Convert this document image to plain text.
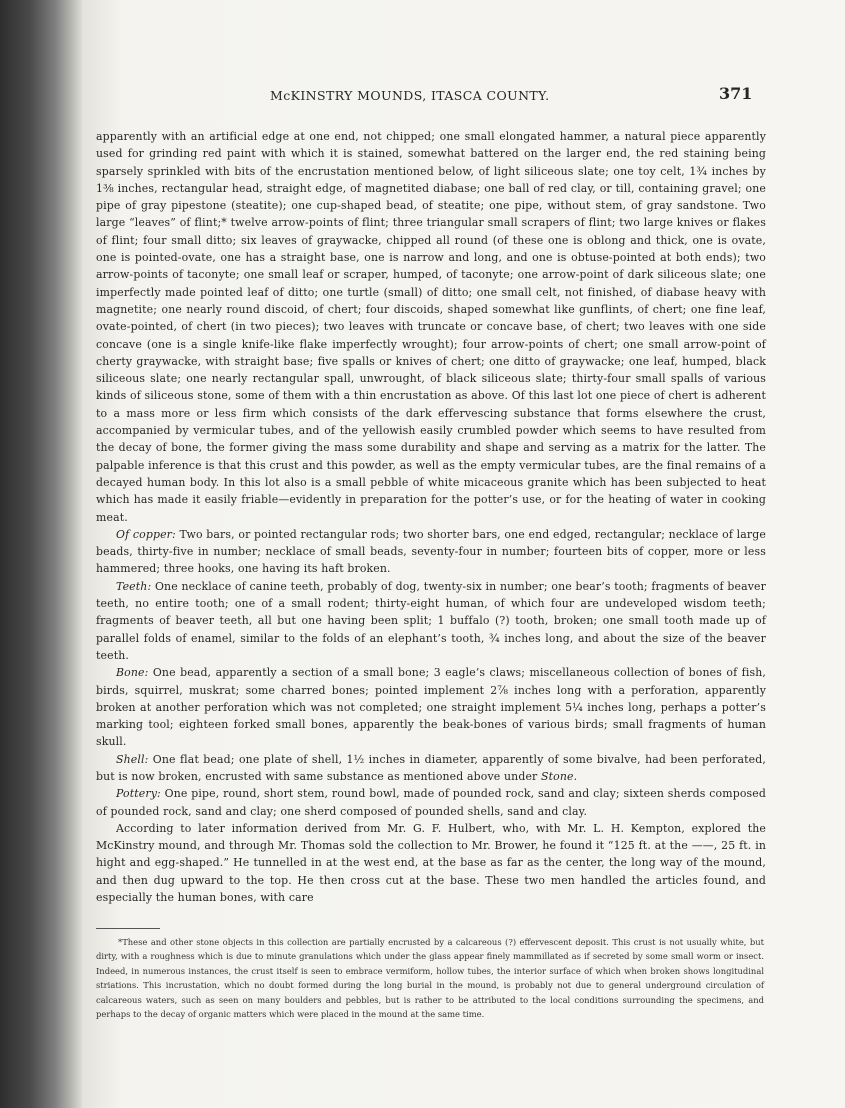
McKINSTRY MOUNDS, ITASCA COUNTY.	371

apparently with an artificial edge at one end, not chipped; one small elongated hammer, a natural piece apparently used for grinding red paint with which it is stained, somewhat battered on the larger end, the red staining being sparsely sprinkled with bits of the encrustation mentioned below, of light siliceous slate; one toy celt, 1¾ inches by 1⅜ inches, rectangular head, straight edge, of magnetited diabase; one ball of red clay, or till, containing gravel; one pipe of gray pipestone (steatite); one cup-shaped bead, of steatite; one pipe, without stem, of gray sandstone. Two large “leaves” of flint;* twelve arrow-points of flint; three triangular small scrapers of flint; two large knives or flakes of flint; four small ditto; six leaves of graywacke, chipped all round (of these one is oblong and thick, one is ovate, one is pointed-ovate, one has a straight base, one is narrow and long, and one is obtuse-pointed at both ends); two arrow-points of taconyte; one small leaf or scraper, humped, of taconyte; one arrow-point of dark siliceous slate; one imperfectly made pointed leaf of ditto; one turtle (small) of ditto; one small celt, not finished, of diabase heavy with magnetite; one nearly round discoid, of chert; four discoids, shaped somewhat like gunflints, of chert; one fine leaf, ovate-pointed, of chert (in two pieces); two leaves with truncate or concave base, of chert; two leaves with one side concave (one is a single knife-like flake imperfectly wrought); four arrow-points of chert; one small arrow-point of cherty graywacke, with straight base; five spalls or knives of chert; one ditto of graywacke; one leaf, humped, black siliceous slate; one nearly rectangular spall, unwrought, of black siliceous slate; thirty-four small spalls of various kinds of siliceous stone, some of them with a thin encrustation as above. Of this last lot one piece of chert is adherent to a mass more or less firm which consists of the dark effervescing substance that forms elsewhere the crust, accompanied by vermicular tubes, and of the yellowish easily crumbled powder which seems to have resulted from the decay of bone, the former giving the mass some durability and shape and serving as a matrix for the latter. The palpable inference is that this crust and this powder, as well as the empty vermicular tubes, are the final remains of a decayed human body. In this lot also is a small pebble of white micaceous granite which has been subjected to heat which has made it easily friable—evidently in preparation for the potter’s use, or for the heating of water in cooking meat.

Of copper: Two bars, or pointed rectangular rods; two shorter bars, one end edged, rectangular; necklace of large beads, thirty-five in number; necklace of small beads, seventy-four in number; fourteen bits of copper, more or less hammered; three hooks, one having its haft broken.

Teeth: One necklace of canine teeth, probably of dog, twenty-six in number; one bear’s tooth; fragments of beaver teeth, no entire tooth; one of a small rodent; thirty-eight human, of which four are undeveloped wisdom teeth; fragments of beaver teeth, all but one having been split; 1 buffalo (?) tooth, broken; one small tooth made up of parallel folds of enamel, similar to the folds of an elephant’s tooth, ¾ inches long, and about the size of the beaver teeth.

Bone: One bead, apparently a section of a small bone; 3 eagle’s claws; miscellaneous collection of bones of fish, birds, squirrel, muskrat; some charred bones; pointed implement 2⅞ inches long with a perforation, apparently broken at another perforation which was not completed; one straight implement 5¼ inches long, perhaps a potter’s marking tool; eighteen forked small bones, apparently the beak-bones of various birds; small fragments of human skull.

Shell: One flat bead; one plate of shell, 1½ inches in diameter, apparently of some bivalve, had been perforated, but is now broken, encrusted with same substance as mentioned above under Stone.

Pottery: One pipe, round, short stem, round bowl, made of pounded rock, sand and clay; sixteen sherds composed of pounded rock, sand and clay; one sherd composed of pounded shells, sand and clay.

According to later information derived from Mr. G. F. Hulbert, who, with Mr. L. H. Kempton, explored the McKinstry mound, and through Mr. Thomas sold the collection to Mr. Brower, he found it “125 ft. at the ——, 25 ft. in hight and egg-shaped.” He tunnelled in at the west end, at the base as far as the center, the long way of the mound, and then dug upward to the top. He then cross cut at the base. These two men handled the articles found, and especially the human bones, with care

*These and other stone objects in this collection are partially encrusted by a calcareous (?) effervescent deposit. This crust is not usually white, but dirty, with a roughness which is due to minute granulations which under the glass appear finely mammillated as if secreted by some small worm or insect. Indeed, in numerous instances, the crust itself is seen to embrace vermiform, hollow tubes, the interior surface of which when broken shows longitudinal striations. This incrustation, which no doubt formed during the long burial in the mound, is probably not due to general underground circulation of calcareous waters, such as seen on many boulders and pebbles, but is rather to be attributed to the local conditions surrounding the specimens, and perhaps to the decay of organic matters which were placed in the mound at the same time.
